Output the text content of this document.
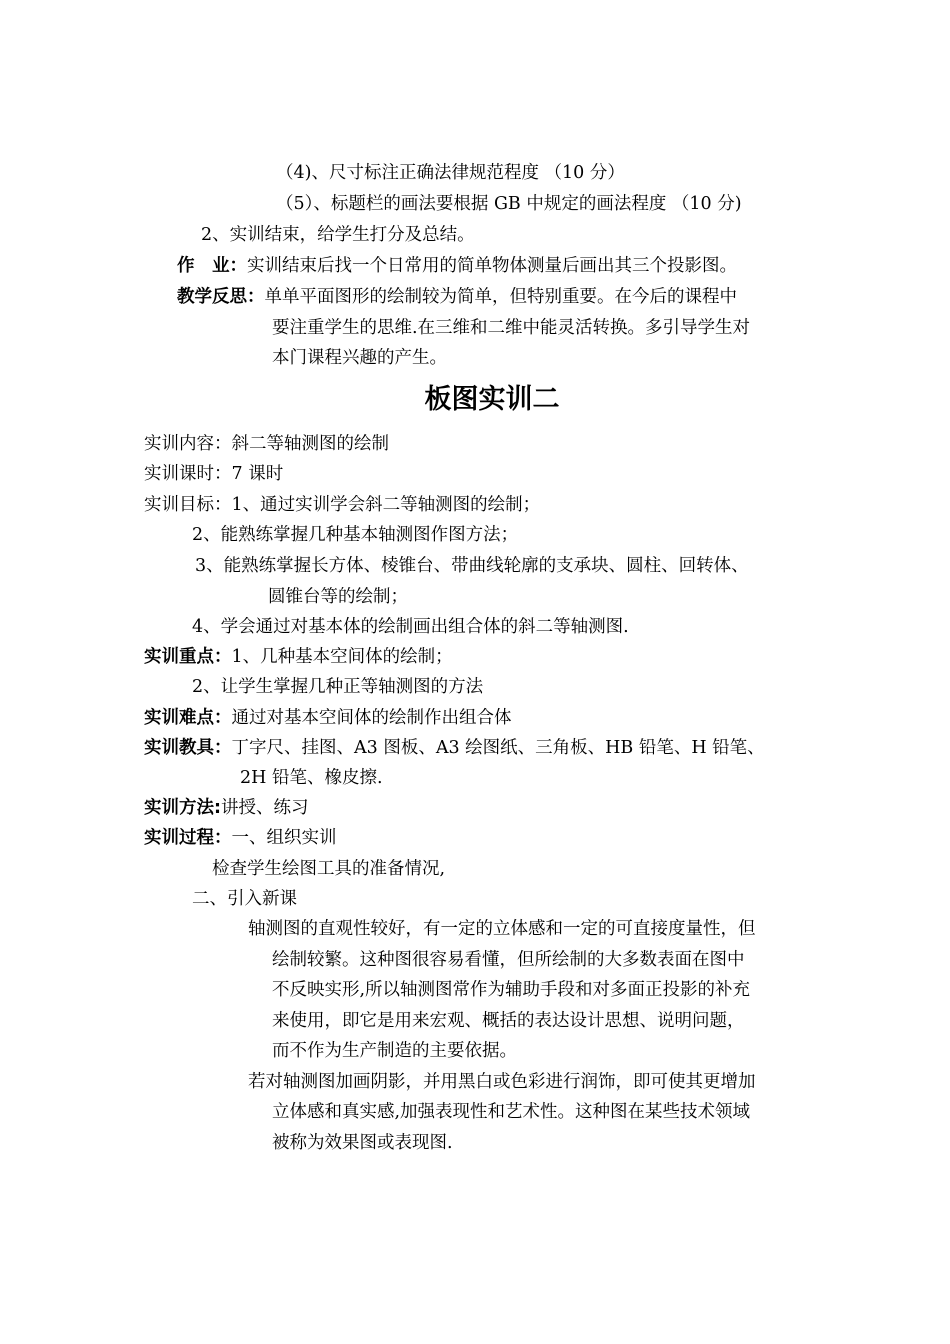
（4)、尺寸标注正确法律规范程度 （10 分）
（5）、标题栏的画法要根据 GB 中规定的画法程度 （10 分)
2、实训结束，给学生打分及总结。
作　业：实训结束后找一个日常用的简单物体测量后画出其三个投影图。
教学反思：单单平面图形的绘制较为简单，但特别重要。在今后的课程中
要注重学生的思维.在三维和二维中能灵活转换。多引导学生对
本门课程兴趣的产生。
板图实训二
实训内容：斜二等轴测图的绘制
实训课时：7 课时
实训目标：1、通过实训学会斜二等轴测图的绘制；
2、能熟练掌握几种基本轴测图作图方法；
3、能熟练掌握长方体、棱锥台、带曲线轮廓的支承块、圆柱、回转体、
圆锥台等的绘制；
4、学会通过对基本体的绘制画出组合体的斜二等轴测图.
实训重点：1、几种基本空间体的绘制；
2、让学生掌握几种正等轴测图的方法
实训难点：通过对基本空间体的绘制作出组合体
实训教具：丁字尺、挂图、A3 图板、A3 绘图纸、三角板、HB 铅笔、H 铅笔、
2H 铅笔、橡皮擦.
实训方法:讲授、练习
实训过程：一、组织实训
检查学生绘图工具的准备情况,
二、引入新课
轴测图的直观性较好，有一定的立体感和一定的可直接度量性，但
绘制较繁。这种图很容易看懂，但所绘制的大多数表面在图中
不反映实形,所以轴测图常作为辅助手段和对多面正投影的补充
来使用，即它是用来宏观、概括的表达设计思想、说明问题，
而不作为生产制造的主要依据。
若对轴测图加画阴影，并用黑白或色彩进行润饰，即可使其更增加
立体感和真实感,加强表现性和艺术性。这种图在某些技术领域
被称为效果图或表现图.
